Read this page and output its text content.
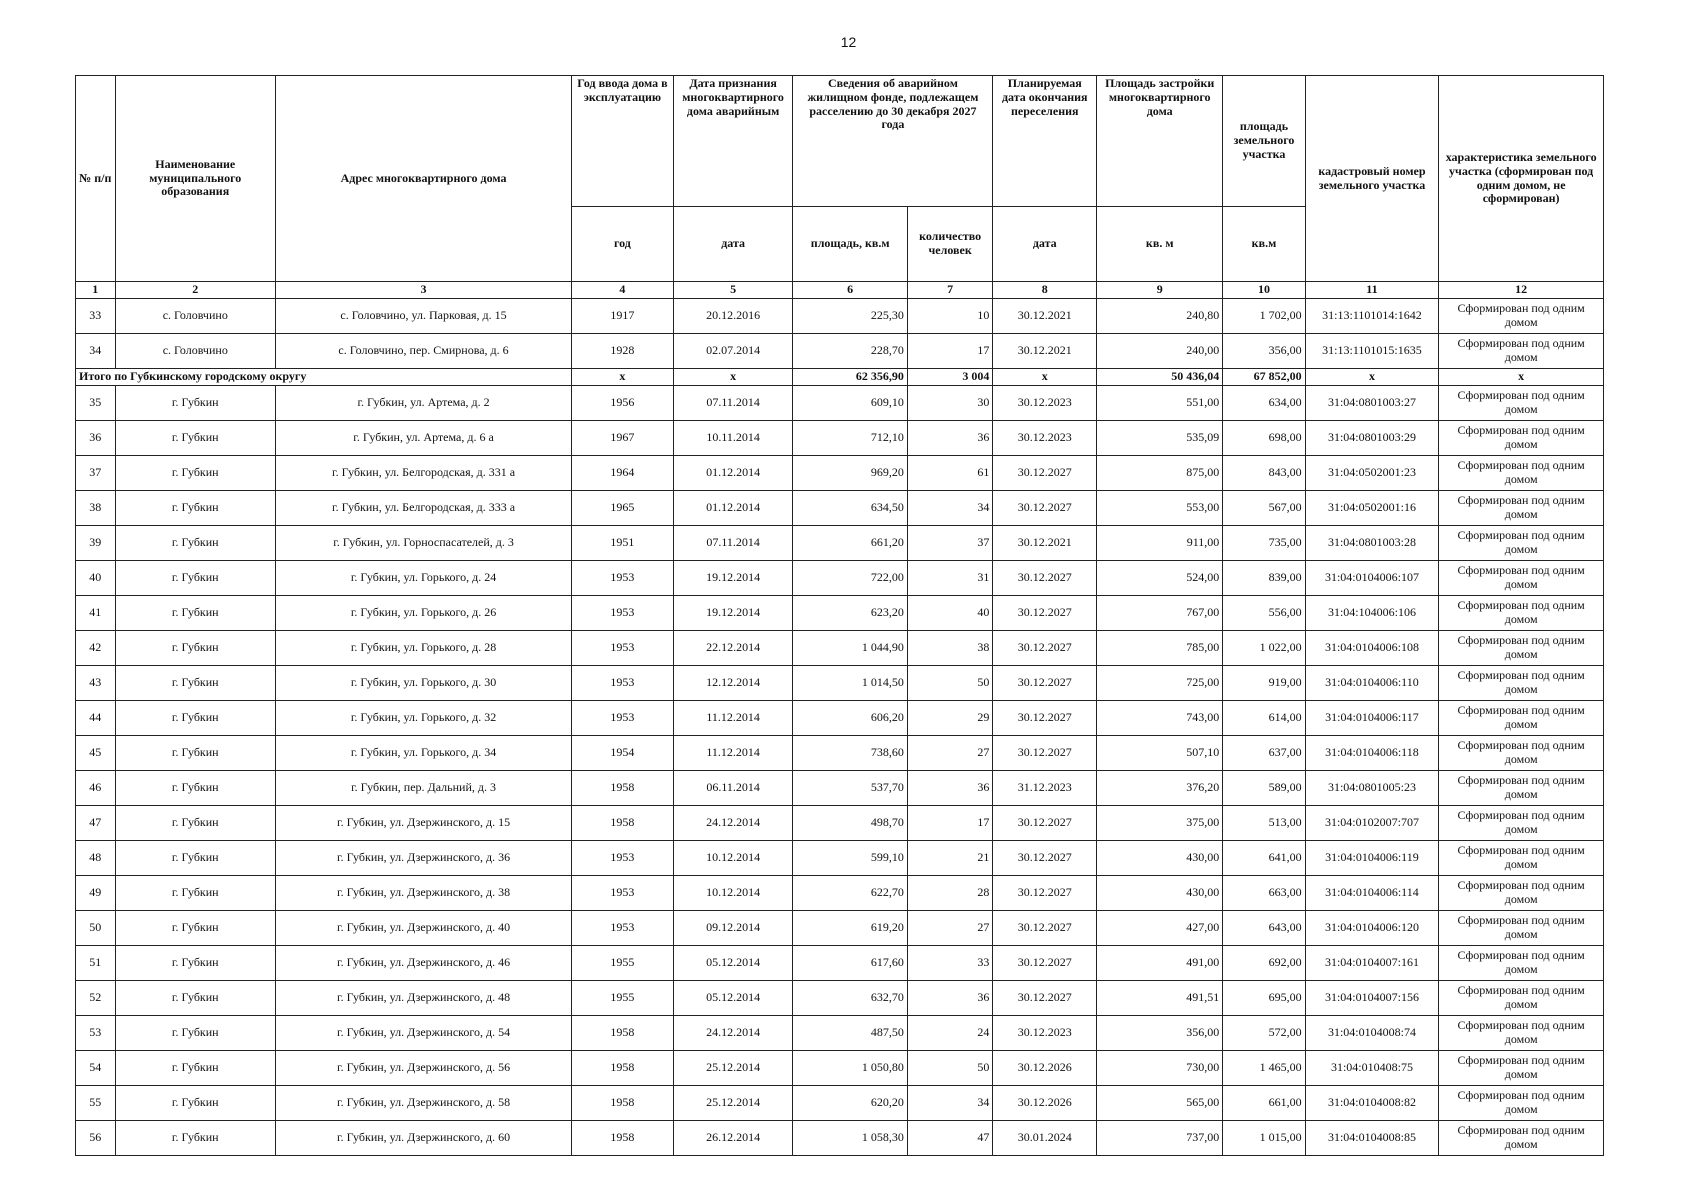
12
№ п/п	Наименование муниципального образования	Адрес многоквартирного дома	Год ввода дома в эксплуатацию	Дата признания многоквартирного дома аварийным	Сведения об аварийном жилищном фонде, подлежащем расселению до 30 декабря 2027 года		Планируемая дата окончания переселения	Площадь застройки многоквартирного дома	площадь земельного участка	кадастровый номер земельного участка	характеристика земельного участка (сформирован под одним домом, не сформирован)
			год	дата	площадь, кв.м	количество человек	дата	кв. м	кв.м		
1	2	3	4	5	6	7	8	9	10	11	12
33	с. Головчино	с. Головчино, ул. Парковая, д. 15	1917	20.12.2016	225,30	10	30.12.2021	240,80	1 702,00	31:13:1101014:1642	Сформирован под одним домом
34	с. Головчино	с. Головчино, пер. Смирнова, д. 6	1928	02.07.2014	228,70	17	30.12.2021	240,00	356,00	31:13:1101015:1635	Сформирован под одним домом
Итого по Губкинскому городскому округу			x	x	62 356,90	3 004	x	50 436,04	67 852,00	x	x
35	г. Губкин	г. Губкин, ул. Артема, д. 2	1956	07.11.2014	609,10	30	30.12.2023	551,00	634,00	31:04:0801003:27	Сформирован под одним домом
36	г. Губкин	г. Губкин, ул. Артема, д. 6 а	1967	10.11.2014	712,10	36	30.12.2023	535,09	698,00	31:04:0801003:29	Сформирован под одним домом
37	г. Губкин	г. Губкин, ул. Белгородская, д. 331 а	1964	01.12.2014	969,20	61	30.12.2027	875,00	843,00	31:04:0502001:23	Сформирован под одним домом
38	г. Губкин	г. Губкин, ул. Белгородская, д. 333 а	1965	01.12.2014	634,50	34	30.12.2027	553,00	567,00	31:04:0502001:16	Сформирован под одним домом
39	г. Губкин	г. Губкин, ул. Горноспасателей, д. 3	1951	07.11.2014	661,20	37	30.12.2021	911,00	735,00	31:04:0801003:28	Сформирован под одним домом
40	г. Губкин	г. Губкин, ул. Горького, д. 24	1953	19.12.2014	722,00	31	30.12.2027	524,00	839,00	31:04:0104006:107	Сформирован под одним домом
41	г. Губкин	г. Губкин, ул. Горького, д. 26	1953	19.12.2014	623,20	40	30.12.2027	767,00	556,00	31:04:104006:106	Сформирован под одним домом
42	г. Губкин	г. Губкин, ул. Горького, д. 28	1953	22.12.2014	1 044,90	38	30.12.2027	785,00	1 022,00	31:04:0104006:108	Сформирован под одним домом
43	г. Губкин	г. Губкин, ул. Горького, д. 30	1953	12.12.2014	1 014,50	50	30.12.2027	725,00	919,00	31:04:0104006:110	Сформирован под одним домом
44	г. Губкин	г. Губкин, ул. Горького, д. 32	1953	11.12.2014	606,20	29	30.12.2027	743,00	614,00	31:04:0104006:117	Сформирован под одним домом
45	г. Губкин	г. Губкин, ул. Горького, д. 34	1954	11.12.2014	738,60	27	30.12.2027	507,10	637,00	31:04:0104006:118	Сформирован под одним домом
46	г. Губкин	г. Губкин, пер. Дальний, д. 3	1958	06.11.2014	537,70	36	31.12.2023	376,20	589,00	31:04:0801005:23	Сформирован под одним домом
47	г. Губкин	г. Губкин, ул. Дзержинского, д. 15	1958	24.12.2014	498,70	17	30.12.2027	375,00	513,00	31:04:0102007:707	Сформирован под одним домом
48	г. Губкин	г. Губкин, ул. Дзержинского, д. 36	1953	10.12.2014	599,10	21	30.12.2027	430,00	641,00	31:04:0104006:119	Сформирован под одним домом
49	г. Губкин	г. Губкин, ул. Дзержинского, д. 38	1953	10.12.2014	622,70	28	30.12.2027	430,00	663,00	31:04:0104006:114	Сформирован под одним домом
50	г. Губкин	г. Губкин, ул. Дзержинского, д. 40	1953	09.12.2014	619,20	27	30.12.2027	427,00	643,00	31:04:0104006:120	Сформирован под одним домом
51	г. Губкин	г. Губкин, ул. Дзержинского, д. 46	1955	05.12.2014	617,60	33	30.12.2027	491,00	692,00	31:04:0104007:161	Сформирован под одним домом
52	г. Губкин	г. Губкин, ул. Дзержинского, д. 48	1955	05.12.2014	632,70	36	30.12.2027	491,51	695,00	31:04:0104007:156	Сформирован под одним домом
53	г. Губкин	г. Губкин, ул. Дзержинского, д. 54	1958	24.12.2014	487,50	24	30.12.2023	356,00	572,00	31:04:0104008:74	Сформирован под одним домом
54	г. Губкин	г. Губкин, ул. Дзержинского, д. 56	1958	25.12.2014	1 050,80	50	30.12.2026	730,00	1 465,00	31:04:010408:75	Сформирован под одним домом
55	г. Губкин	г. Губкин, ул. Дзержинского, д. 58	1958	25.12.2014	620,20	34	30.12.2026	565,00	661,00	31:04:0104008:82	Сформирован под одним домом
56	г. Губкин	г. Губкин, ул. Дзержинского, д. 60	1958	26.12.2014	1 058,30	47	30.01.2024	737,00	1 015,00	31:04:0104008:85	Сформирован под одним домом
